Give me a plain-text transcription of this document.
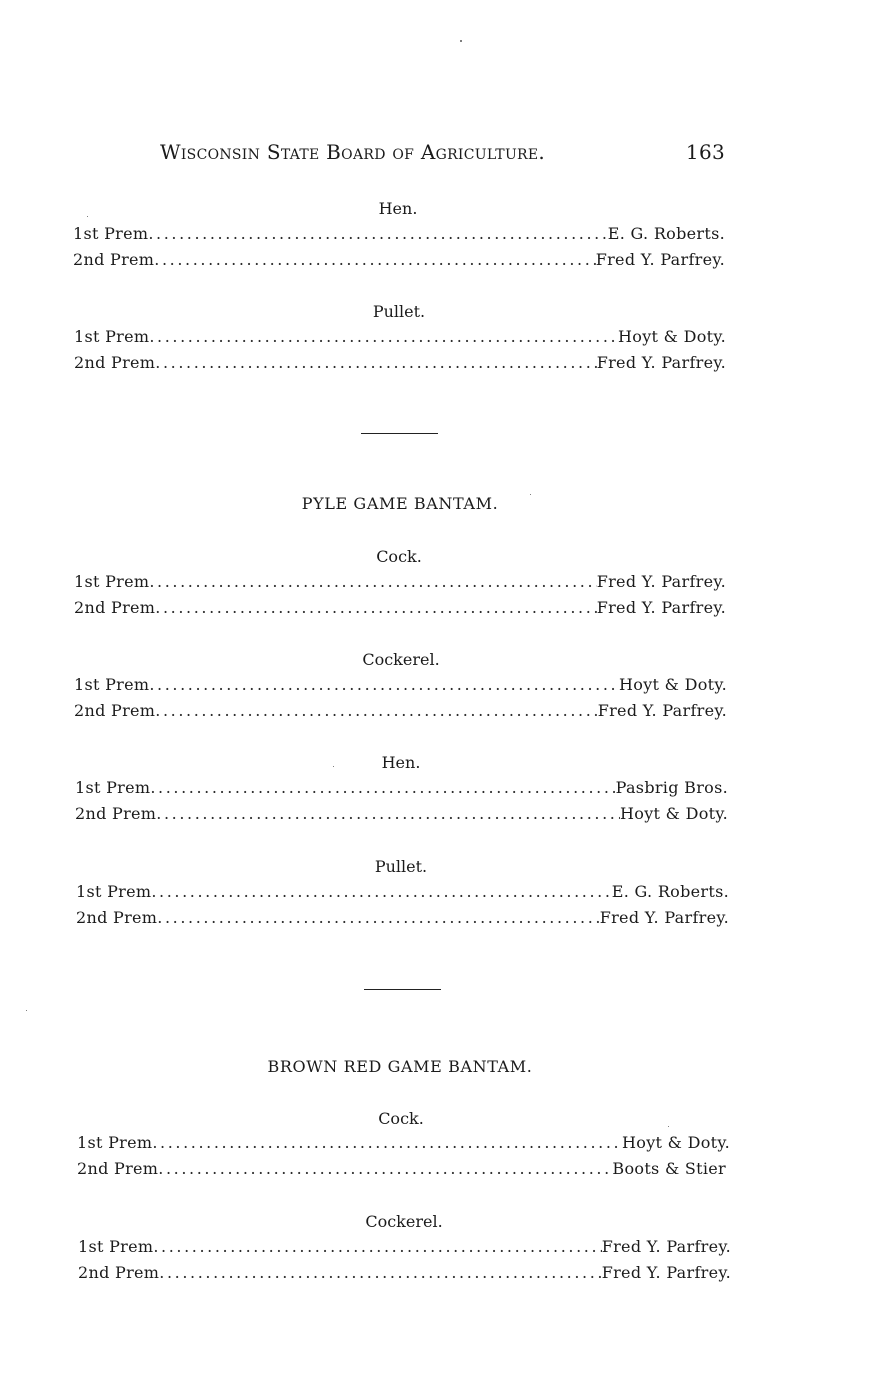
Wisconsin State Board of Agriculture.	163
Hen.
1st Prem .....	E. G. Roberts.
2nd Prem .....	Fred Y. Parfrey.
Pullet.
1st Prem .....	Hoyt & Doty.
2nd Prem .....	Fred Y. Parfrey.
PYLE GAME BANTAM.
Cock.
1st Prem .....	Fred Y. Parfrey.
2nd Prem .....	Fred Y. Parfrey.
Cockerel.
1st Prem .....	Hoyt & Doty.
2nd Prem .....	Fred Y. Parfrey.
Hen.
1st Prem .....	Pasbrig Bros.
2nd Prem .....	Hoyt & Doty.
Pullet.
1st Prem .....	E. G. Roberts.
2nd Prem .....	Fred Y. Parfrey.
BROWN RED GAME BANTAM.
Cock.
1st Prem .....	Hoyt & Doty.
2nd Prem .....	Boots & Stier
Cockerel.
1st Prem .....	Fred Y. Parfrey.
2nd Prem .....	Fred Y. Parfrey.
